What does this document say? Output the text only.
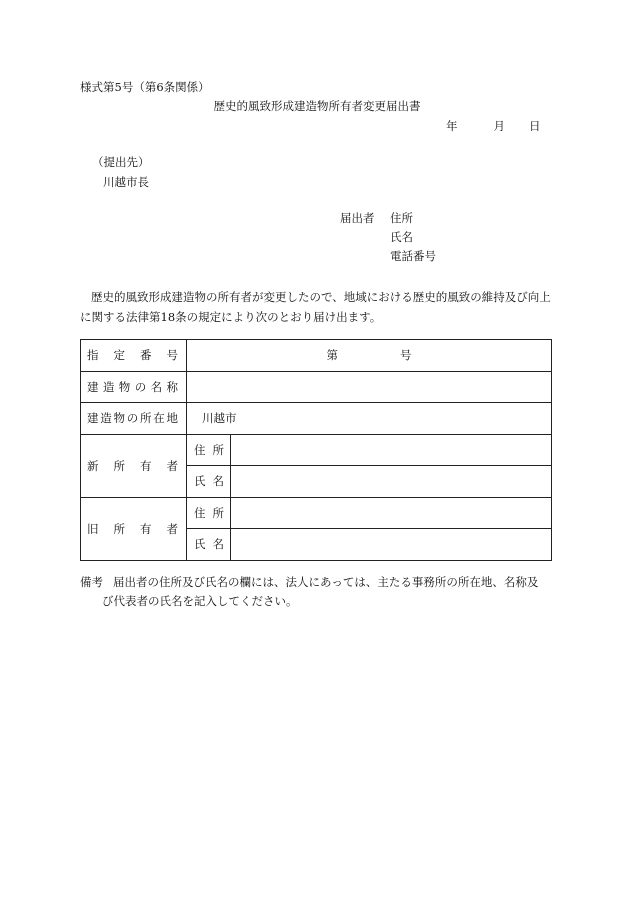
様式第5号（第6条関係）
歴史的風致形成建造物所有者変更届出書
年	月 日
（提出先）
川越市長
届出者 住所
氏名
電話番号
歴史的風致形成建造物の所有者が変更したので、地域における歴史的風致の維持及び向上に関する法律第18条の規定により次のとおり届け出ます。
指定番号	第 号	
建造物の名称		
建造物の所在地	川越市	
新所有者	住所	
	氏名	
旧所有者	住所	
	氏名	
備考 届出者の住所及び氏名の欄には、法人にあっては、主たる事務所の所在地、名称及
び代表者の氏名を記入してください。
